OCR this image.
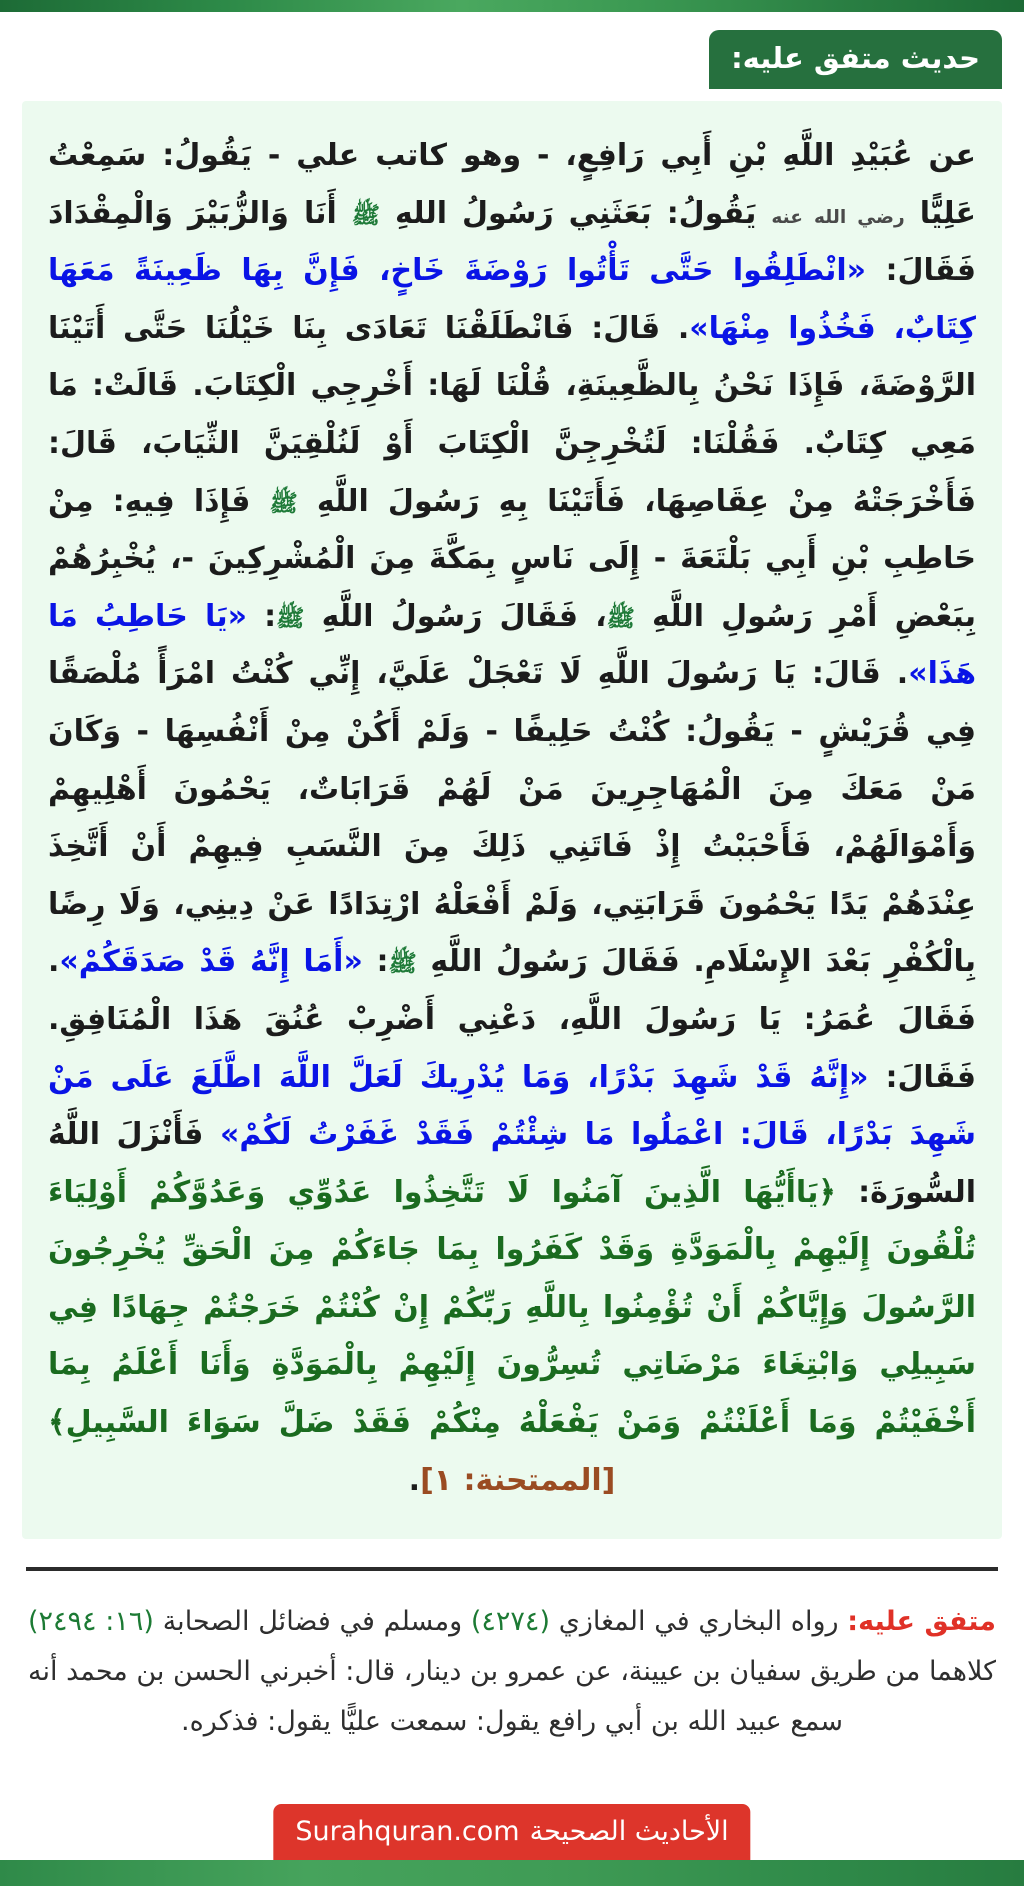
حديث متفق عليه:
عن عُبَيْدِ اللَّهِ بْنِ أَبِي رَافِعٍ، - وهو كاتب علي - يَقُولُ: سَمِعْتُ عَلِيًّا رضي الله عنه يَقُولُ: بَعَثَنِي رَسُولُ اللهِ ﷺ أَنَا وَالزُّبَيْرَ وَالْمِقْدَادَ فَقَالَ: «انْطَلِقُوا حَتَّى تَأْتُوا رَوْضَةَ خَاخٍ، فَإِنَّ بِهَا ظَعِينَةً مَعَهَا كِتَابٌ، فَخُذُوا مِنْهَا». قَالَ: فَانْطَلَقْنَا تَعَادَى بِنَا خَيْلُنَا حَتَّى أَتَيْنَا الرَّوْضَةَ، فَإِذَا نَحْنُ بِالظَّعِينَةِ، قُلْنَا لَهَا: أَخْرِجِي الْكِتَابَ. قَالَتْ: مَا مَعِي كِتَابٌ. فَقُلْنَا: لَتُخْرِجِنَّ الْكِتَابَ أَوْ لَنُلْقِيَنَّ الثِّيَابَ، قَالَ: فَأَخْرَجَتْهُ مِنْ عِقَاصِهَا، فَأَتَيْنَا بِهِ رَسُولَ اللَّهِ ﷺ فَإِذَا فِيهِ: مِنْ حَاطِبِ بْنِ أَبِي بَلْتَعَةَ - إِلَى نَاسٍ بِمَكَّةَ مِنَ الْمُشْرِكِينَ -، يُخْبِرُهُمْ بِبَعْضِ أَمْرِ رَسُولِ اللَّهِ ﷺ، فَقَالَ رَسُولُ اللَّهِ ﷺ: «يَا حَاطِبُ مَا هَذَا». قَالَ: يَا رَسُولَ اللَّهِ لَا تَعْجَلْ عَلَيَّ، إِنِّي كُنْتُ امْرَأً مُلْصَقًا فِي قُرَيْشٍ - يَقُولُ: كُنْتُ حَلِيفًا - وَلَمْ أَكُنْ مِنْ أَنْفُسِهَا - وَكَانَ مَنْ مَعَكَ مِنَ الْمُهَاجِرِينَ مَنْ لَهُمْ قَرَابَاتٌ، يَحْمُونَ أَهْلِيهِمْ وَأَمْوَالَهُمْ، فَأَحْبَبْتُ إِذْ فَاتَنِي ذَلِكَ مِنَ النَّسَبِ فِيهِمْ أَنْ أَتَّخِذَ عِنْدَهُمْ يَدًا يَحْمُونَ قَرَابَتِي، وَلَمْ أَفْعَلْهُ ارْتِدَادًا عَنْ دِينِي، وَلَا رِضًا بِالْكُفْرِ بَعْدَ الإِسْلَامِ. فَقَالَ رَسُولُ اللَّهِ ﷺ: «أَمَا إِنَّهُ قَدْ صَدَقَكُمْ». فَقَالَ عُمَرُ: يَا رَسُولَ اللَّهِ، دَعْنِي أَضْرِبْ عُنُقَ هَذَا الْمُنَافِقِ. فَقَالَ: «إِنَّهُ قَدْ شَهِدَ بَدْرًا، وَمَا يُدْرِيكَ لَعَلَّ اللَّهَ اطَّلَعَ عَلَى مَنْ شَهِدَ بَدْرًا، قَالَ: اعْمَلُوا مَا شِئْتُمْ فَقَدْ غَفَرْتُ لَكُمْ» فَأَنْزَلَ اللَّهُ السُّورَةَ: ﴿يَاأَيُّهَا الَّذِينَ آمَنُوا لَا تَتَّخِذُوا عَدُوِّي وَعَدُوَّكُمْ أَوْلِيَاءَ تُلْقُونَ إِلَيْهِمْ بِالْمَوَدَّةِ وَقَدْ كَفَرُوا بِمَا جَاءَكُمْ مِنَ الْحَقِّ يُخْرِجُونَ الرَّسُولَ وَإِيَّاكُمْ أَنْ تُؤْمِنُوا بِاللَّهِ رَبِّكُمْ إِنْ كُنْتُمْ خَرَجْتُمْ جِهَادًا فِي سَبِيلِي وَابْتِغَاءَ مَرْضَاتِي تُسِرُّونَ إِلَيْهِمْ بِالْمَوَدَّةِ وَأَنَا أَعْلَمُ بِمَا أَخْفَيْتُمْ وَمَا أَعْلَنْتُمْ وَمَنْ يَفْعَلْهُ مِنْكُمْ فَقَدْ ضَلَّ سَوَاءَ السَّبِيلِ﴾ [الممتحنة: ١].
متفق عليه: رواه البخاري في المغازي (٤٢٧٤) ومسلم في فضائل الصحابة (١٦: ٢٤٩٤) كلاهما من طريق سفيان بن عيينة، عن عمرو بن دينار، قال: أخبرني الحسن بن محمد أنه سمع عبيد الله بن أبي رافع يقول: سمعت عليًّا يقول: فذكره.
الأحاديث الصحيحة
Surahquran.com
